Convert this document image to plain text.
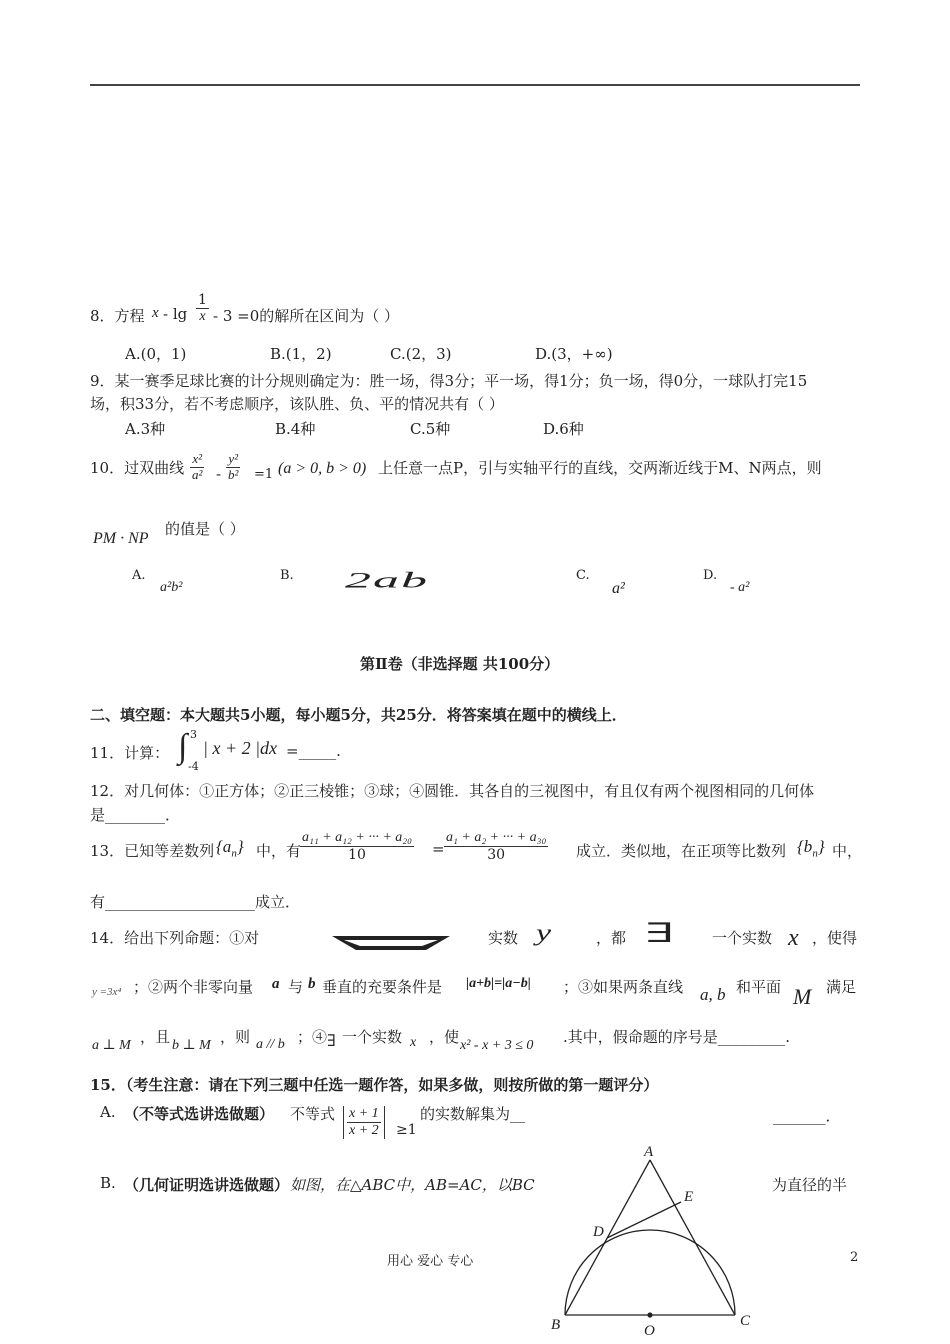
8．方程 $x - \lg \frac{1}{x} - 3 =0$的解所在区间为（ ）
A.(0，1)	B.(1，2)	C.(2，3)	D.(3，+∞)
9．某一赛季足球比赛的计分规则确定为：胜一场，得3分；平一场，得1分；负一场，得0分，一球队打完15
场，积33分，若不考虑顺序，该队胜、负、平的情况共有（ ）
A.3种	B.4种	C.5种	D.6种
10．过双曲线 $\frac{\text{x²}}{\text{a²}} - \frac{\text{y²}}{\text{b²}} =1$ (a > 0, b > 0) 上任意一点P，引与实轴平行的直线，交两渐近线于M、N两点，则
PM · NP
的值是（ ）
A.
a²b²
B. 2ab	C.
a²
D.
- a²
第Ⅱ卷（非选择题 共100分）
二、填空题：本大题共5小题，每小题5分，共25分．将答案填在题中的横线上．
11．计算： ∫ 3
-4
| x + 2 |dx =_____.
12．对几何体：①正方体；②正三棱锥；③球；④圆锥．其各自的三视图中，有且仅有两个视图相同的几何体
是________．
13．已知等差数列 $\{a_n\}$ 中，有
$\frac{\text{a₁₁ + a₁₂ + ··· + a₂₀}}{10} = \frac{\text{a₁ + a₂ + ··· + a₃₀}}{30}$ 成立．类似地，在正项等比数列 $\{b_n\}$ 中，
有____________________成立．
14．给出下列命题：①对	实数 y	，都 ∃	一个实数 x ，使得
y =3x⁴ ；②两个非零向量 a 与 b 垂直的充要条件是 |a+b|=|a−b| ；③如果两条直线 a, b 和平面 M 满足
a ⊥ M ，且 b ⊥ M ，则 a // b ；④ ∃ 一个实数 x ，使 x² - x + 3 ≤ 0 .其中，假命题的序号是_________.
15．（考生注意：请在下列三题中任选一题作答，如果多做，则按所做的第一题评分）
A. （不等式选讲选做题） 不等式 $\frac{x + 1}{x + 2} \ge 1$
的实数解集为__	_______．
B. （几何证明选讲选做题） 如图，在△ABC中，AB=AC，以BC	为直径的半
A
E
D
B	C
O
用心 爱心 专心	2
